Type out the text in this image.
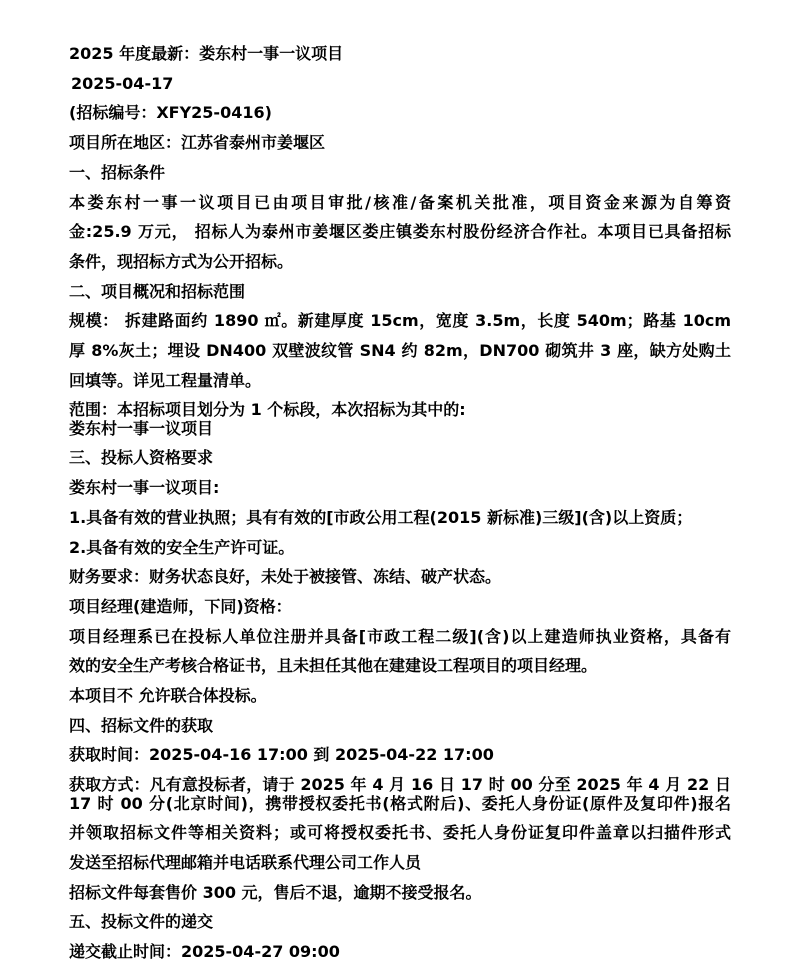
2025 年度最新：娄东村一事一议项目
2025-04-17
(招标编号：XFY25-0416)
项目所在地区：江苏省泰州市姜堰区
一、招标条件
本娄东村一事一议项目已由项目审批/核准/备案机关批准，项目资金来源为自筹资
金:25.9 万元， 招标人为泰州市姜堰区娄庄镇娄东村股份经济合作社。本项目已具备招标
条件，现招标方式为公开招标。
二、项目概况和招标范围
规模： 拆建路面约 1890 ㎡。新建厚度 15cm，宽度 3.5m，长度 540m；路基 10cm
厚 8%灰土；埋设 DN400 双壁波纹管 SN4 约 82m，DN700 砌筑井 3 座，缺方处购土
回填等。详见工程量清单。
范围：本招标项目划分为 1 个标段，本次招标为其中的:
娄东村一事一议项目
三、投标人资格要求
娄东村一事一议项目:
1.具备有效的营业执照；具有有效的[市政公用工程(2015 新标准)三级](含)以上资质；
2.具备有效的安全生产许可证。
财务要求：财务状态良好，未处于被接管、冻结、破产状态。
项目经理(建造师，下同)资格：
项目经理系已在投标人单位注册并具备[市政工程二级](含)以上建造师执业资格，具备有
效的安全生产考核合格证书，且未担任其他在建建设工程项目的项目经理。
本项目不 允许联合体投标。
四、招标文件的获取
获取时间：2025-04-16 17:00 到 2025-04-22 17:00
获取方式：凡有意投标者，请于 2025 年 4 月 16 日 17 时 00 分至 2025 年 4 月 22 日
17 时 00 分(北京时间)，携带授权委托书(格式附后)、委托人身份证(原件及复印件)报名
并领取招标文件等相关资料；或可将授权委托书、委托人身份证复印件盖章以扫描件形式
发送至招标代理邮箱并电话联系代理公司工作人员
招标文件每套售价 300 元，售后不退，逾期不接受报名。
五、投标文件的递交
递交截止时间：2025-04-27 09:00
